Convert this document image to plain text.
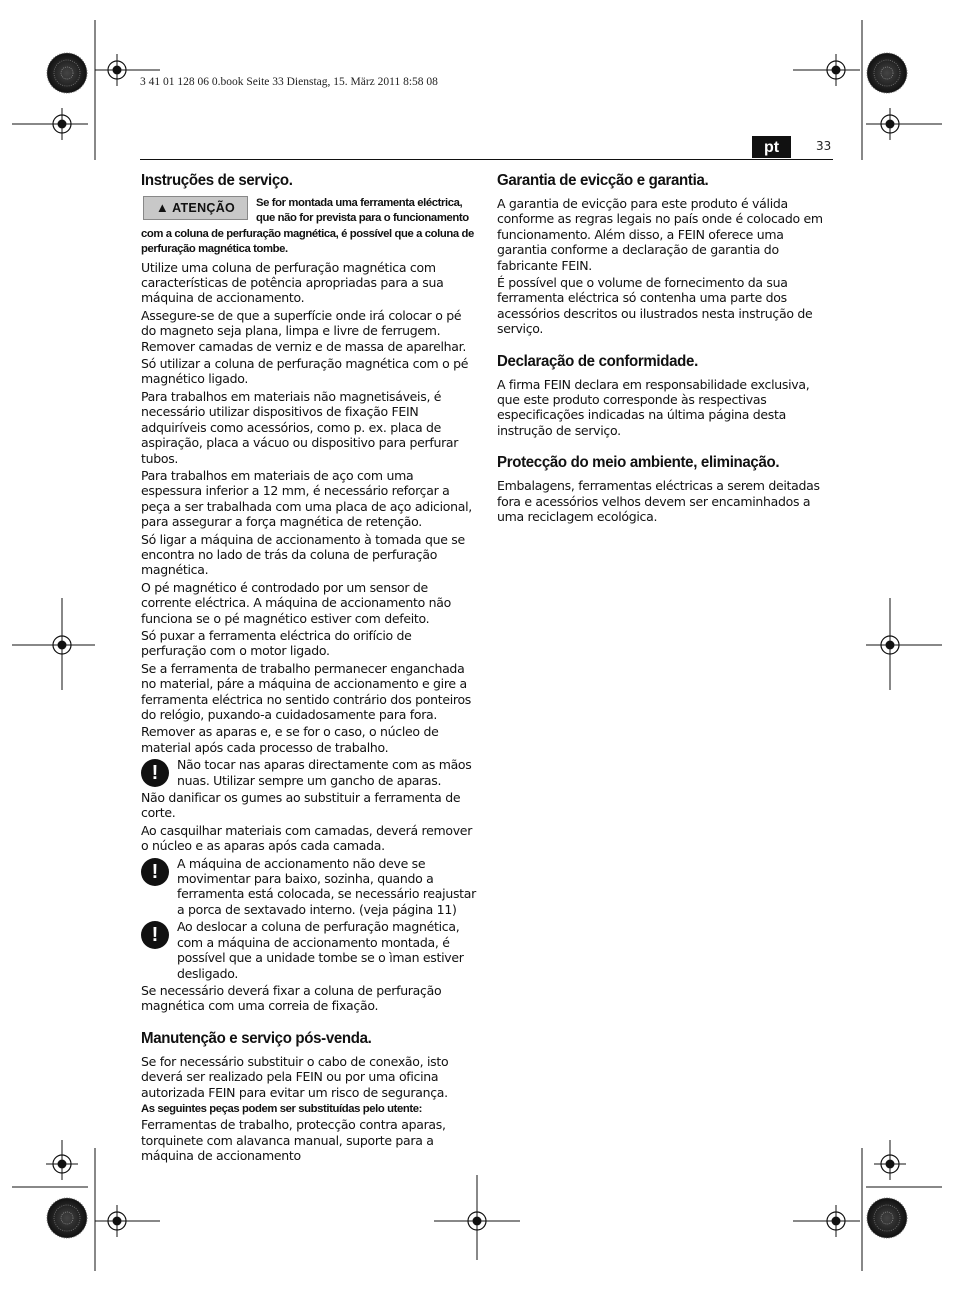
3 41 01 128 06 0.book Seite 33 Dienstag, 15. März 2011 8:58 08
pt	33
Instruções de serviço.
▲ ATENÇÃO	Se for montada uma ferramenta eléctrica, que não for prevista para o funcionamento com a coluna de perfuração magnética, é possível que a coluna de perfuração magnética tombe.

Utilize uma coluna de perfuração magnética com características de potência apropriadas para a sua máquina de accionamento.

Assegure-se de que a superfície onde irá colocar o pé do magneto seja plana, limpa e livre de ferrugem. Remover camadas de verniz e de massa de aparelhar.

Só utilizar a coluna de perfuração magnética com o pé magnético ligado.

Para trabalhos em materiais não magnetisáveis, é necessário utilizar dispositivos de fixação FEIN adquiríveis como acessórios, como p. ex. placa de aspiração, placa a vácuo ou dispositivo para perfurar tubos.

Para trabalhos em materiais de aço com uma espessura inferior a 12 mm, é necessário reforçar a peça a ser trabalhada com uma placa de aço adicional, para assegurar a força magnética de retenção.

Só ligar a máquina de accionamento à tomada que se encontra no lado de trás da coluna de perfuração magnética.

O pé magnético é controdado por um sensor de corrente eléctrica. A máquina de accionamento não funciona se o pé magnético estiver com defeito.

Só puxar a ferramenta eléctrica do orifício de perfuração com o motor ligado.

Se a ferramenta de trabalho permanecer enganchada no material, páre a máquina de accionamento e gire a ferramenta eléctrica no sentido contrário dos ponteiros do relógio, puxando-a cuidadosamente para fora.

Remover as aparas e, e se for o caso, o núcleo de material após cada processo de trabalho.

!	Não tocar nas aparas directamente com as mãos nuas. Utilizar sempre um gancho de aparas.

Não danificar os gumes ao substituir a ferramenta de corte.

Ao casquilhar materiais com camadas, deverá remover o núcleo e as aparas após cada camada.

!	A máquina de accionamento não deve se movimentar para baixo, sozinha, quando a ferramenta está colocada, se necessário reajustar a porca de sextavado interno. (veja página 11)

!	Ao deslocar a coluna de perfuração magnética, com a máquina de accionamento montada, é possível que a unidade tombe se o ìman estiver desligado.

Se necessário deverá fixar a coluna de perfuração magnética com uma correia de fixação.

Manutenção e serviço pós-venda.

Se for necessário substituir o cabo de conexão, isto deverá ser realizado pela FEIN ou por uma oficina autorizada FEIN para evitar um risco de segurança.

As seguintes peças podem ser substituídas pelo utente:

Ferramentas de trabalho, protecção contra aparas, torquinete com alavanca manual, suporte para a máquina de accionamento

Garantia de evicção e garantia.

A garantia de evicção para este produto é válida conforme as regras legais no país onde é colocado em funcionamento. Além disso, a FEIN oferece uma garantia conforme a declaração de garantia do fabricante FEIN.

É possível que o volume de fornecimento da sua ferramenta eléctrica só contenha uma parte dos acessórios descritos ou ilustrados nesta instrução de serviço.

Declaração de conformidade.

A firma FEIN declara em responsabilidade exclusiva, que este produto corresponde às respectivas especificações indicadas na última página desta instrução de serviço.

Protecção do meio ambiente, eliminação.

Embalagens, ferramentas eléctricas a serem deitadas fora e acessórios velhos devem ser encaminhados a uma reciclagem ecológica.
